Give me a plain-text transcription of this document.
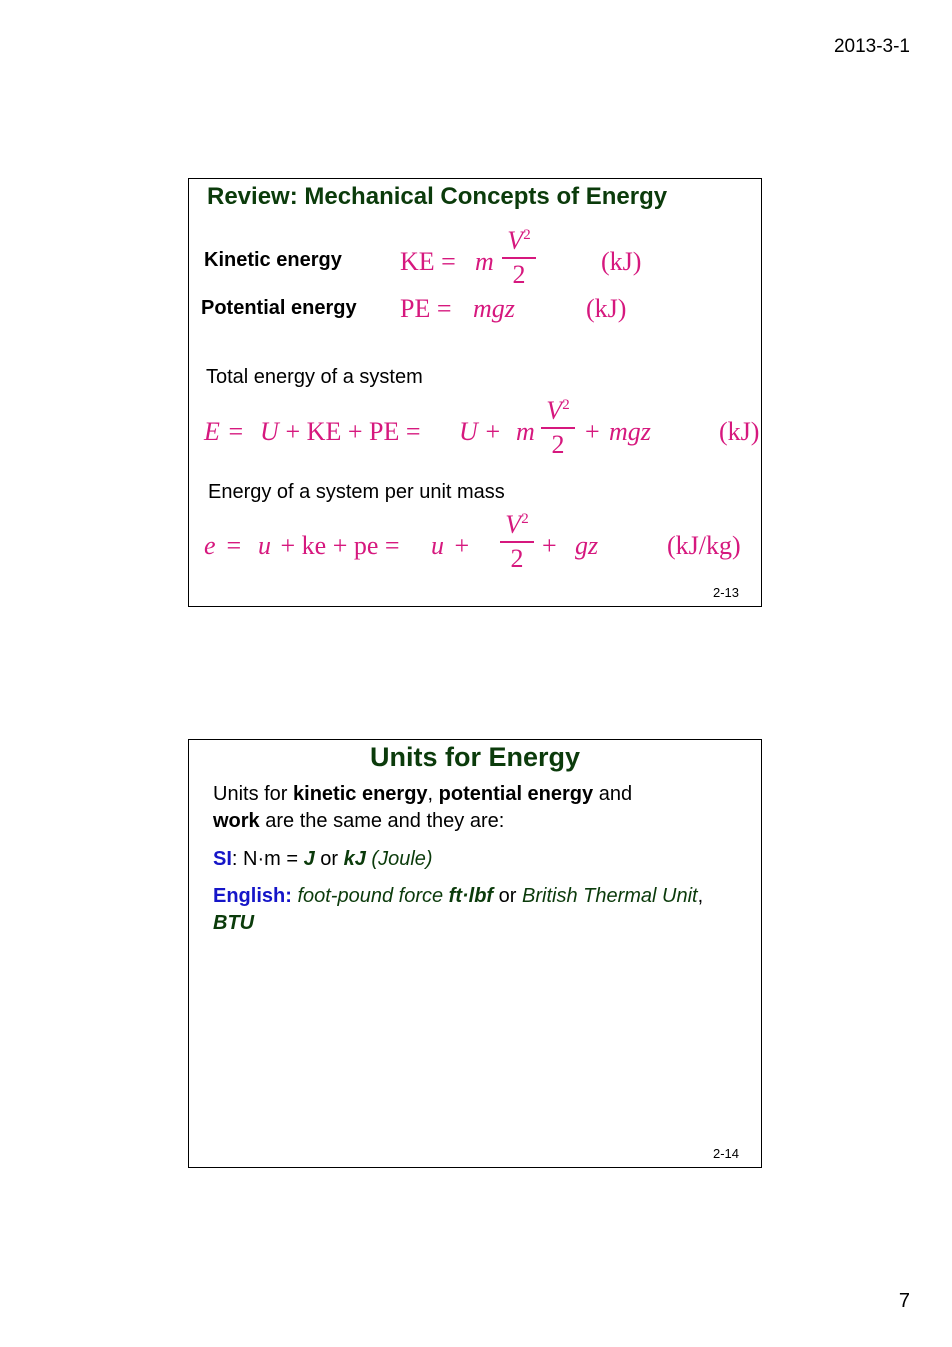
2013-3-1
Review: Mechanical Concepts of Energy
Kinetic energy KE = m
$V^2$
2	(kJ)
Potential energy PE = mgz	(kJ)
Total energy of a system
E = U + KE + PE = U + m
$V^2$
2 + mgz	(kJ)
Energy of a system per unit mass
e = u + ke + pe = u +
$V^2$
2 + gz	(kJ/kg)
2-13
Units for Energy
Units for kinetic energy, potential energy and
work are the same and they are:
SI: N·m = J or kJ (Joule)
English: foot-pound force ft·lbf or British Thermal Unit, BTU
2-14
7
